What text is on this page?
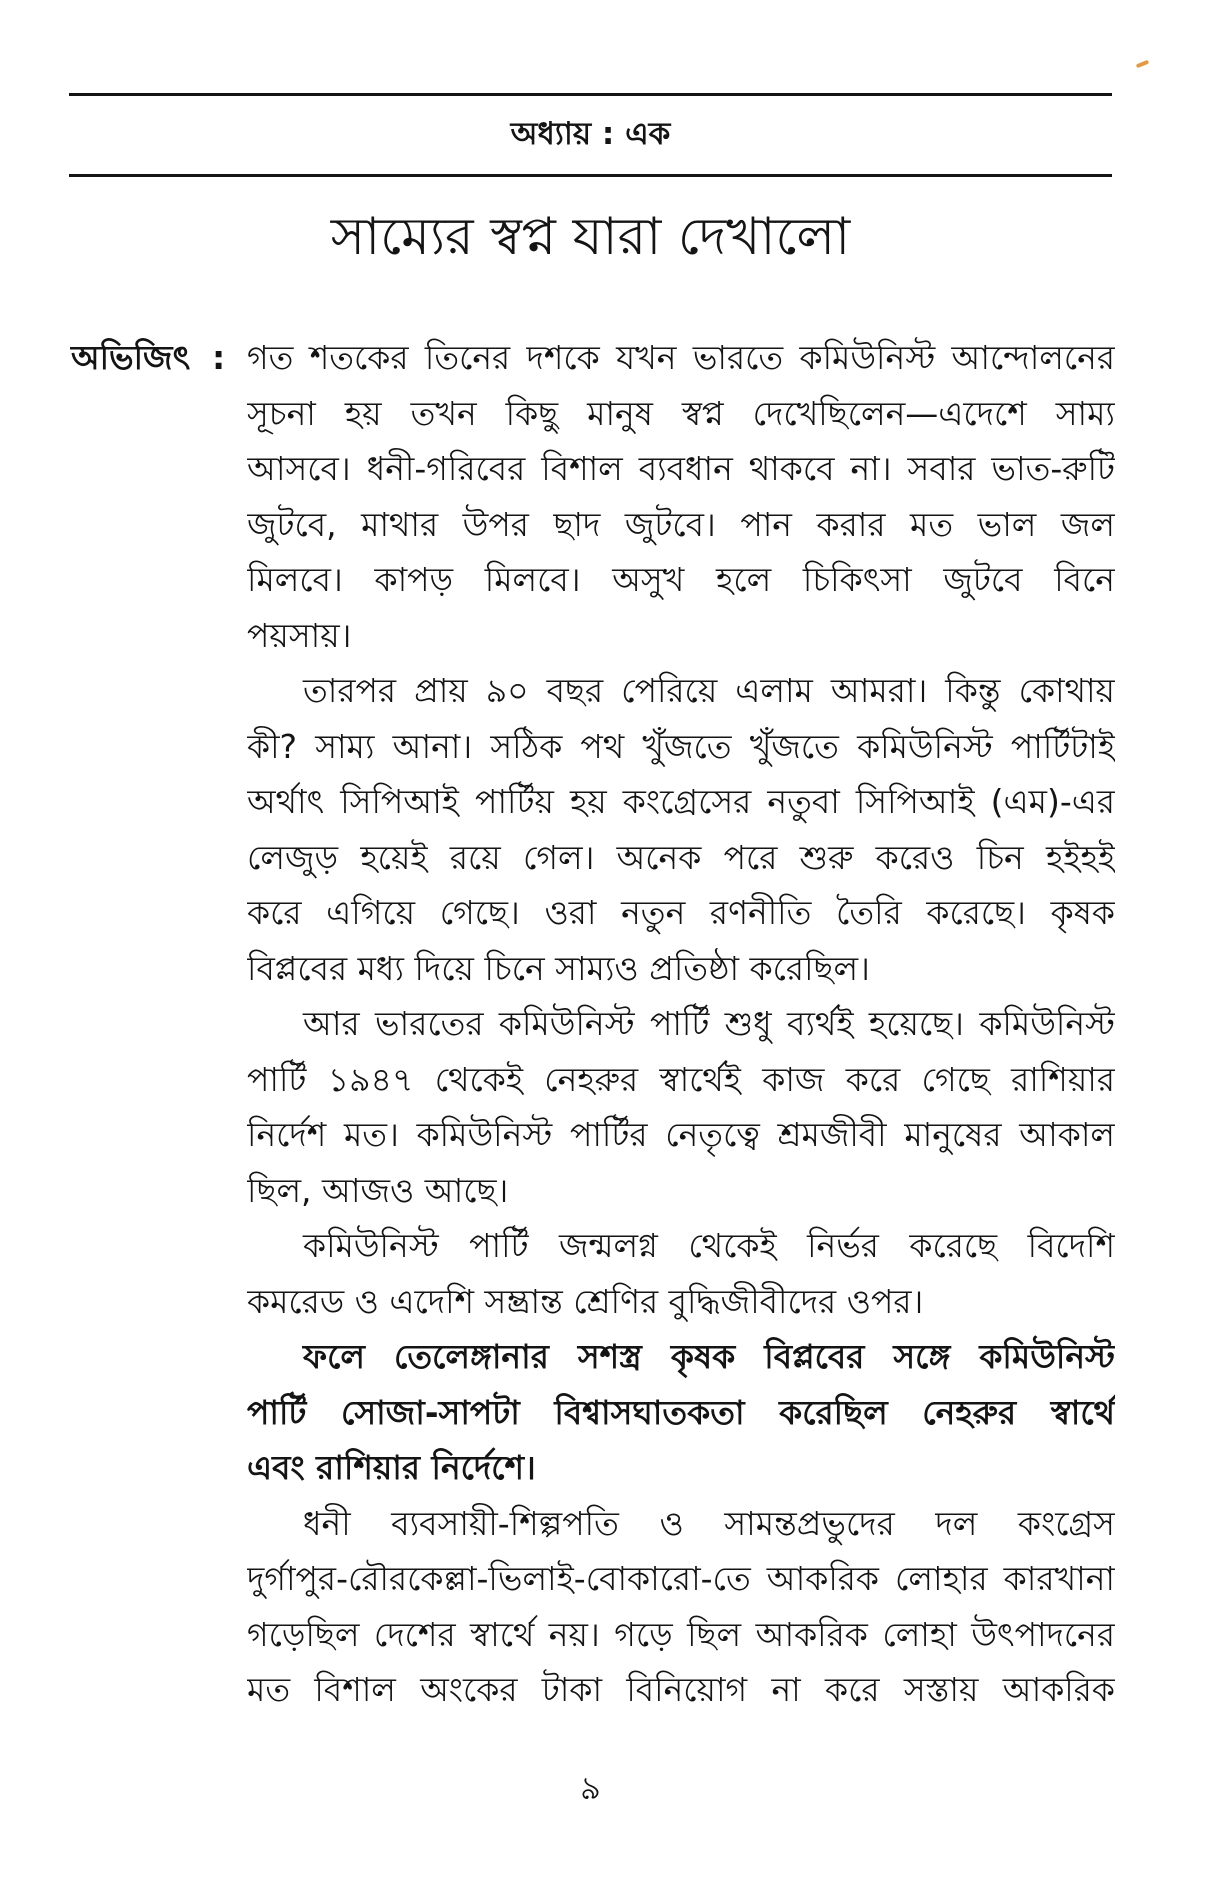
অধ্যায় : এক
সাম্যের স্বপ্ন যারা দেখালো
অভিজিৎ : গত শতকের তিনের দশকে যখন ভারতে কমিউনিস্ট আন্দোলনের
সূচনা হয় তখন কিছু মানুষ স্বপ্ন দেখেছিলেন—এদেশে সাম্য
আসবে। ধনী-গরিবের বিশাল ব্যবধান থাকবে না। সবার ভাত-রুটি
জুটবে, মাথার উপর ছাদ জুটবে। পান করার মত ভাল জল
মিলবে। কাপড় মিলবে। অসুখ হলে চিকিৎসা জুটবে বিনে
পয়সায়।
তারপর প্রায় ৯০ বছর পেরিয়ে এলাম আমরা। কিন্তু কোথায়
কী? সাম্য আনা। সঠিক পথ খুঁজতে খুঁজতে কমিউনিস্ট পার্টিটাই
অর্থাৎ সিপিআই পার্টিয় হয় কংগ্রেসের নতুবা সিপিআই (এম)-এর
লেজুড় হয়েই রয়ে গেল। অনেক পরে শুরু করেও চিন হইহই
করে এগিয়ে গেছে। ওরা নতুন রণনীতি তৈরি করেছে। কৃষক
বিপ্লবের মধ্য দিয়ে চিনে সাম্যও প্রতিষ্ঠা করেছিল।
আর ভারতের কমিউনিস্ট পার্টি শুধু ব্যর্থই হয়েছে। কমিউনিস্ট
পার্টি ১৯৪৭ থেকেই নেহরুর স্বার্থেই কাজ করে গেছে রাশিয়ার
নির্দেশ মত। কমিউনিস্ট পার্টির নেতৃত্বে শ্রমজীবী মানুষের আকাল
ছিল, আজও আছে।
কমিউনিস্ট পার্টি জন্মলগ্ন থেকেই নির্ভর করেছে বিদেশি
কমরেড ও এদেশি সম্ভ্রান্ত শ্রেণির বুদ্ধিজীবীদের ওপর।
ফলে তেলেঙ্গানার সশস্ত্র কৃষক বিপ্লবের সঙ্গে কমিউনিস্ট
পার্টি সোজা-সাপটা বিশ্বাসঘাতকতা করেছিল নেহরুর স্বার্থে
এবং রাশিয়ার নির্দেশে।
ধনী ব্যবসায়ী-শিল্পপতি ও সামন্তপ্রভুদের দল কংগ্রেস
দুর্গাপুর-রৌরকেল্লা-ভিলাই-বোকারো-তে আকরিক লোহার কারখানা
গড়েছিল দেশের স্বার্থে নয়। গড়ে ছিল আকরিক লোহা উৎপাদনের
মত বিশাল অংকের টাকা বিনিয়োগ না করে সস্তায় আকরিক
৯
